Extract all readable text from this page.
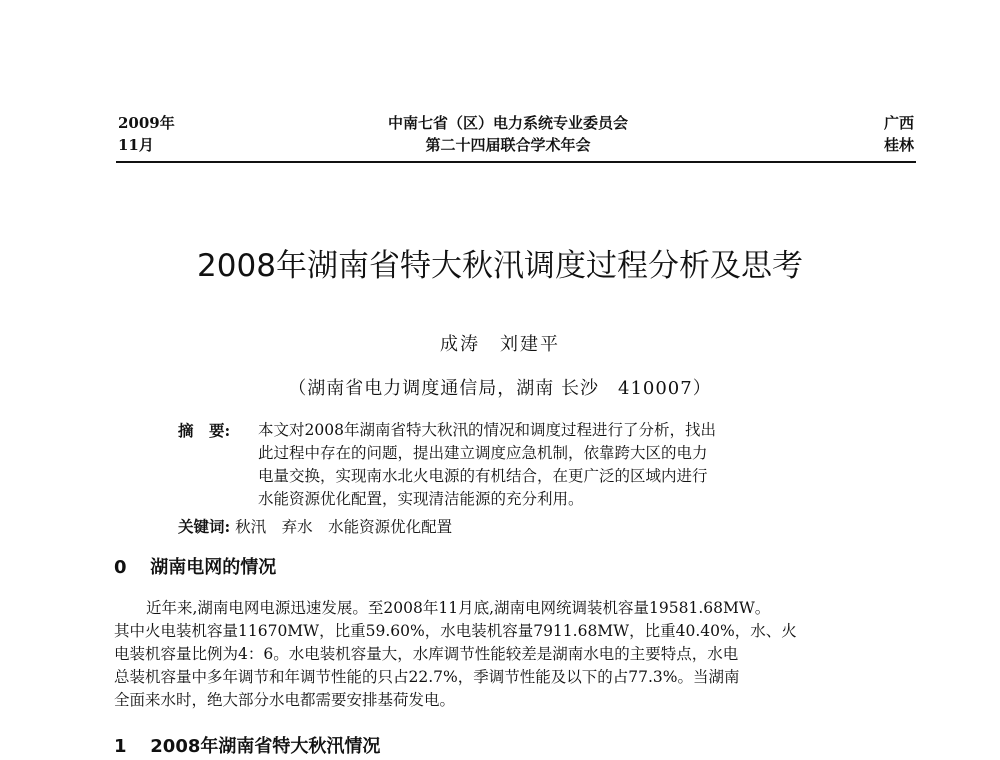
2009年
11月
中南七省（区）电力系统专业委员会
第二十四届联合学术年会
广西
桂林
2008年湖南省特大秋汛调度过程分析及思考
成涛　刘建平
（湖南省电力调度通信局，湖南 长沙　410007）
摘　要: 本文对2008年湖南省特大秋汛的情况和调度过程进行了分析，找出
此过程中存在的问题，提出建立调度应急机制，依靠跨大区的电力
电量交换，实现南水北火电源的有机结合，在更广泛的区域内进行
水能资源优化配置，实现清洁能源的充分利用。
关键词: 秋汛　弃水　水能资源优化配置
0 湖南电网的情况
近年来,湖南电网电源迅速发展。至2008年11月底,湖南电网统调装机容量19581.68MW。
其中火电装机容量11670MW，比重59.60%，水电装机容量7911.68MW，比重40.40%，水、火
电装机容量比例为4：6。水电装机容量大，水库调节性能较差是湖南水电的主要特点，水电
总装机容量中多年调节和年调节性能的只占22.7%，季调节性能及以下的占77.3%。当湖南
全面来水时，绝大部分水电都需要安排基荷发电。
1 2008年湖南省特大秋汛情况
